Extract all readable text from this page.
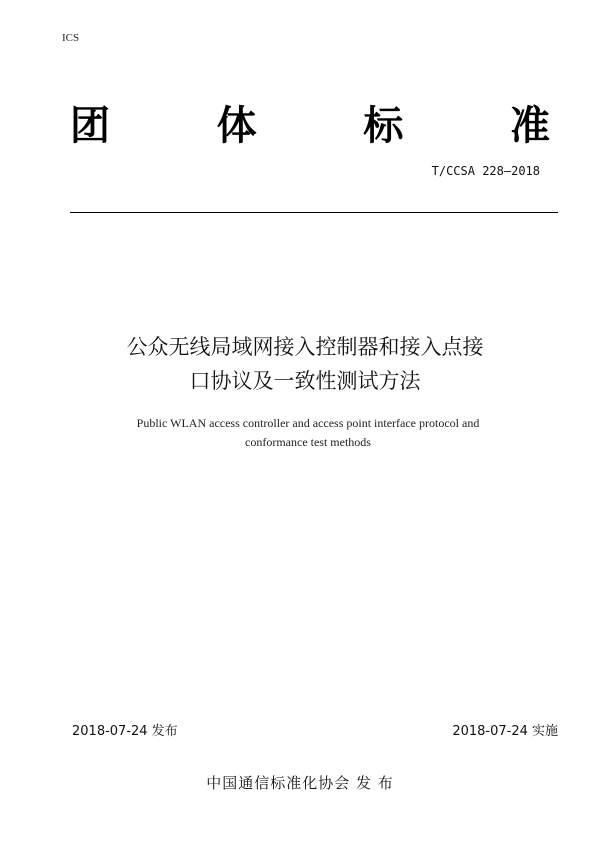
ICS
团	体	标	准
T/CCSA 228—2018
公众无线局域网接入控制器和接入点接
口协议及一致性测试方法
Public WLAN access controller and access point interface protocol and
conformance test methods
2018-07-24 发布	2018-07-24 实施
中国通信标准化协会 发 布
